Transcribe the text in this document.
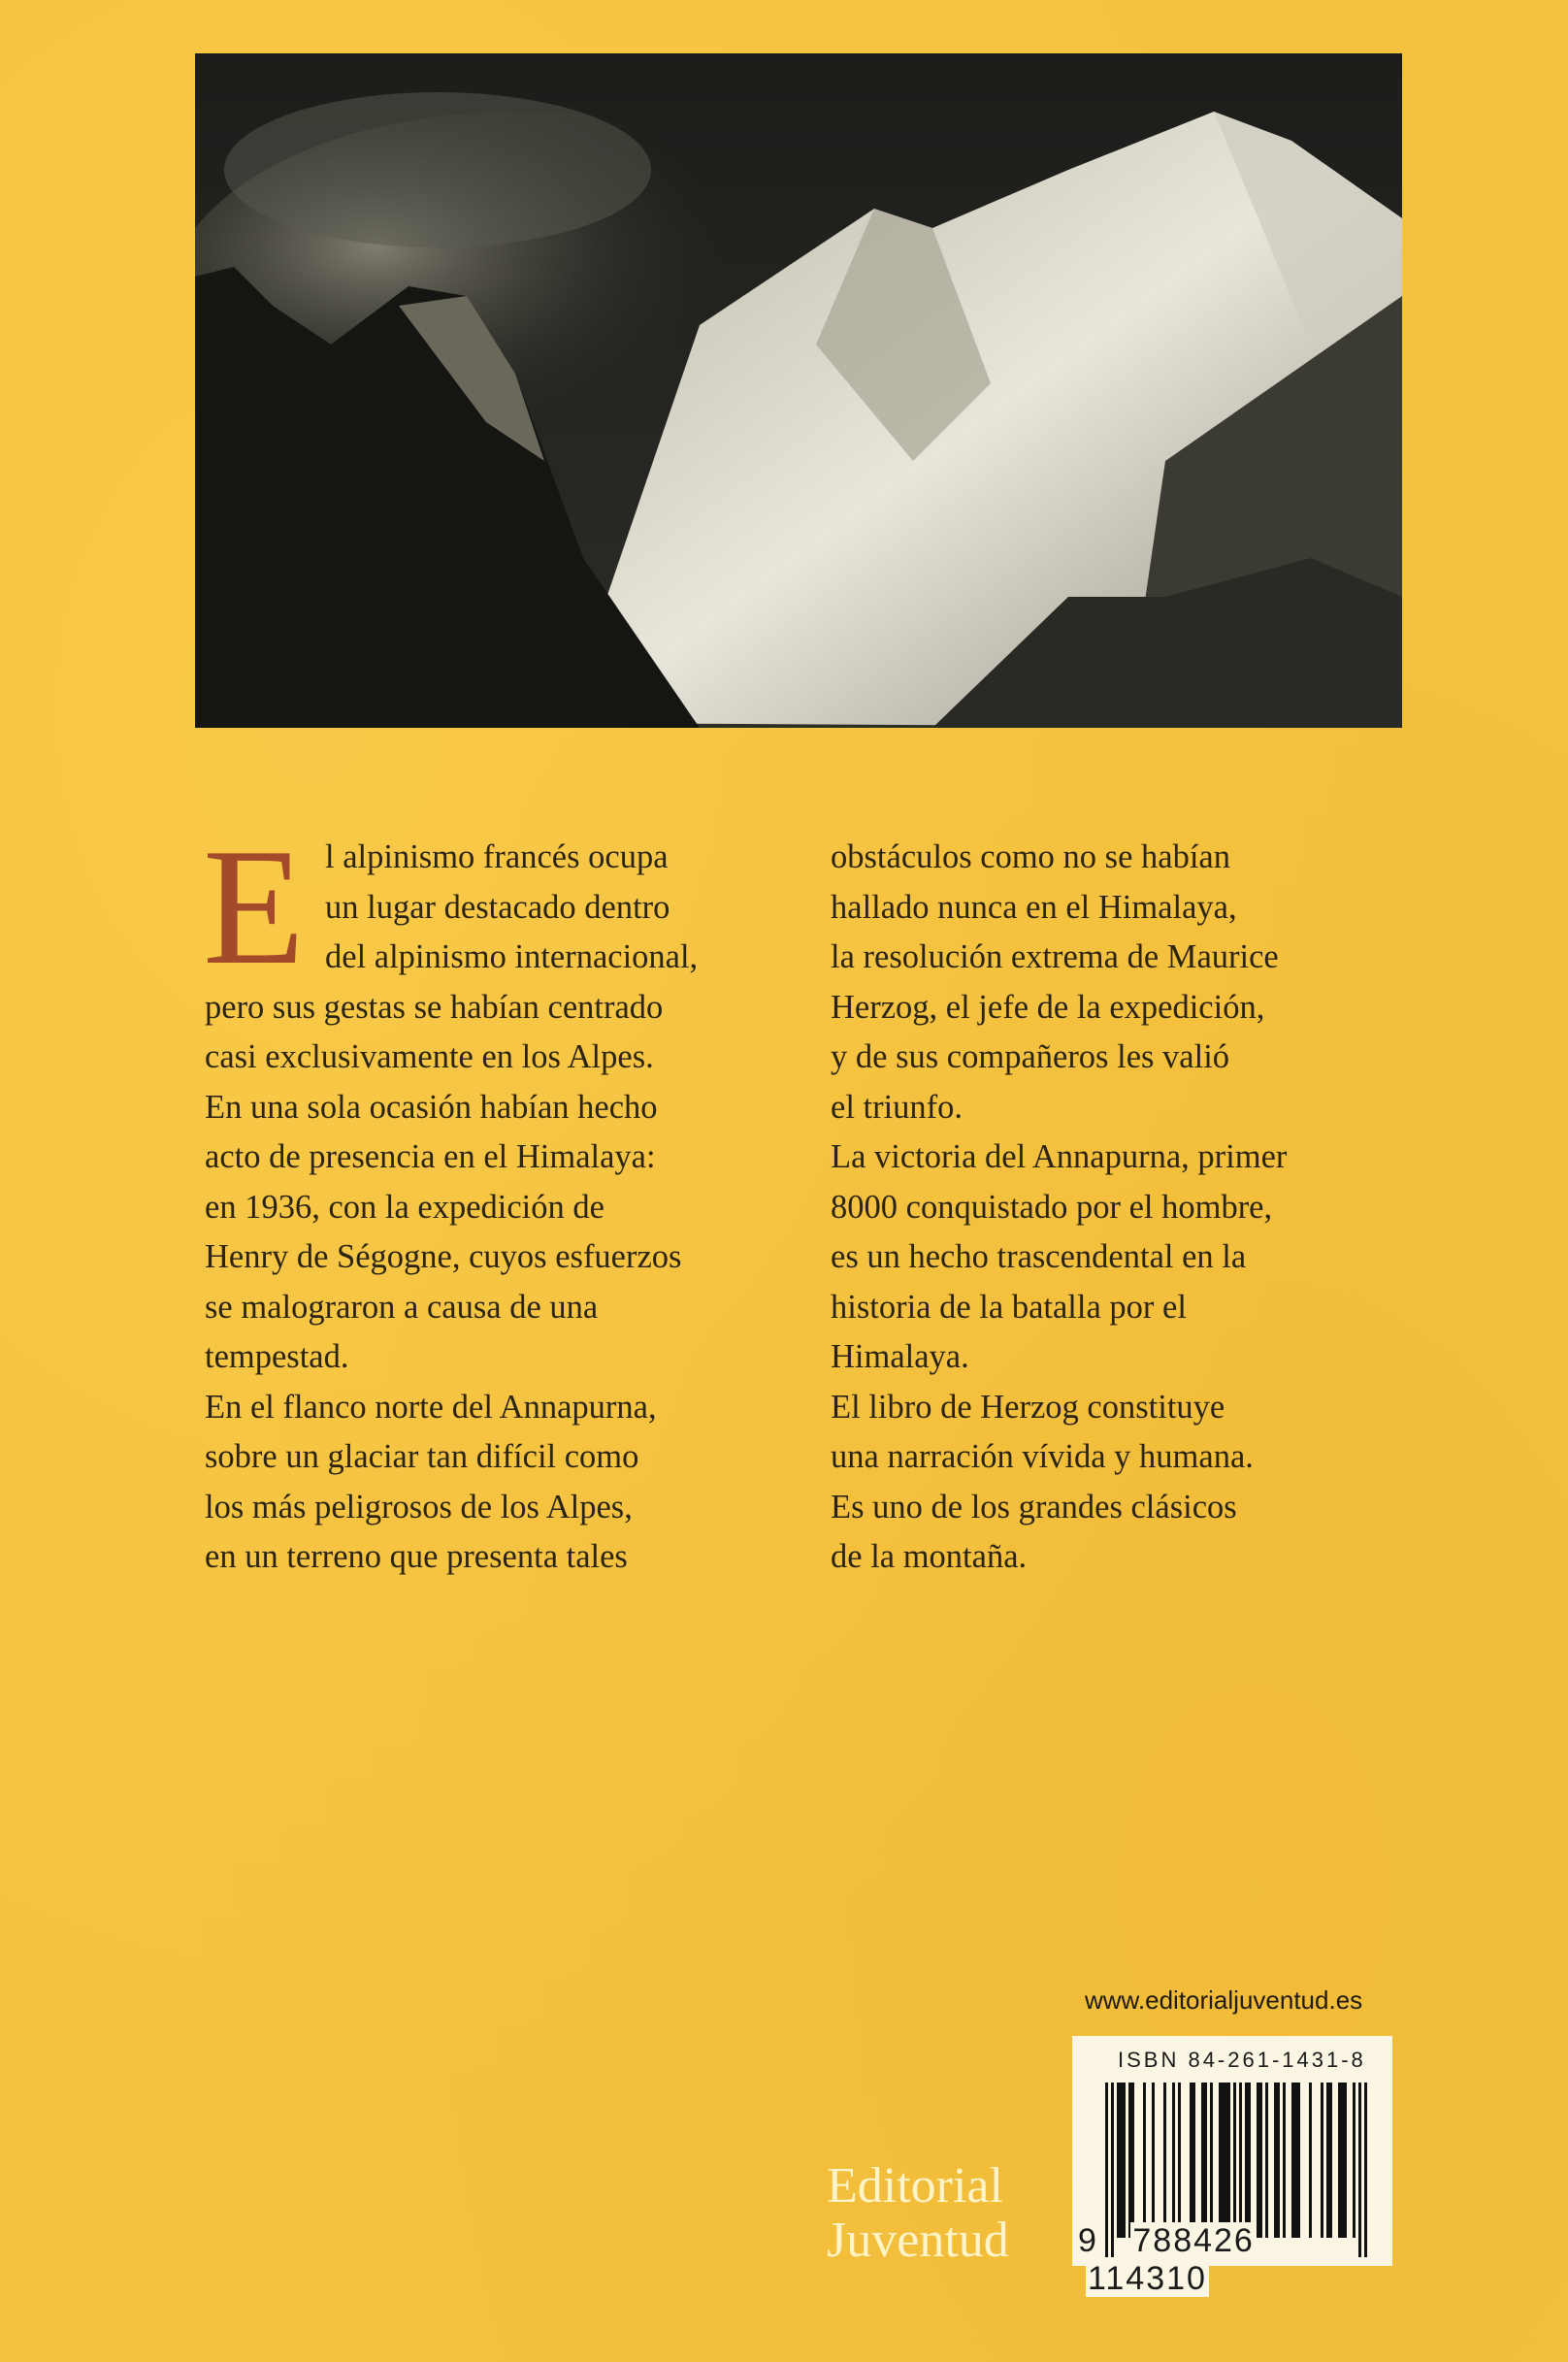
E l alpinismo francés ocupa
un lugar destacado dentro
del alpinismo internacional,
pero sus gestas se habían centrado
casi exclusivamente en los Alpes.
En una sola ocasión habían hecho
acto de presencia en el Himalaya:
en 1936, con la expedición de
Henry de Ségogne, cuyos esfuerzos
se malograron a causa de una
tempestad.
En el flanco norte del Annapurna,
sobre un glaciar tan difícil como
los más peligrosos de los Alpes,
en un terreno que presenta tales
obstáculos como no se habían
hallado nunca en el Himalaya,
la resolución extrema de Maurice
Herzog, el jefe de la expedición,
y de sus compañeros les valió
el triunfo.
La victoria del Annapurna, primer
8000 conquistado por el hombre,
es un hecho trascendental en la
historia de la batalla por el
Himalaya.
El libro de Herzog constituye
una narración vívida y humana.
Es uno de los grandes clásicos
de la montaña.
www.editorialjuventud.es
ISBN 84-261-1431-8
9 788426 114310
Editorial
Juventud
